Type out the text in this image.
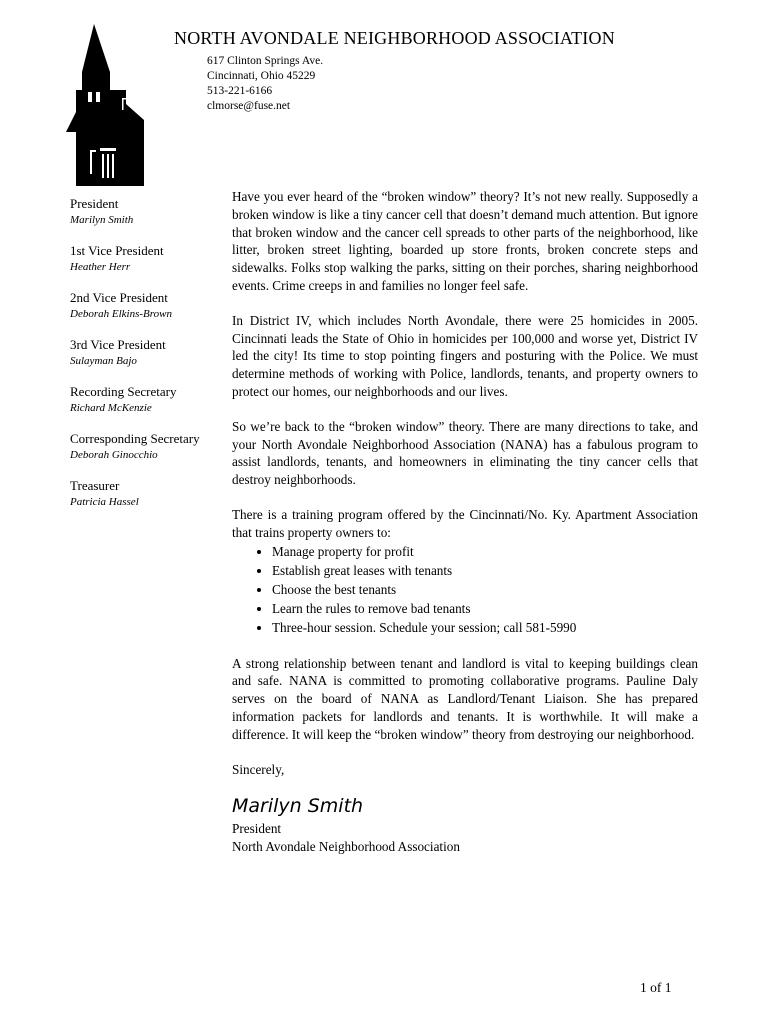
NORTH AVONDALE NEIGHBORHOOD ASSOCIATION
617 Clinton Springs Ave.
Cincinnati, Ohio 45229
513-221-6166
clmorse@fuse.net
President
Marilyn Smith
1st Vice President
Heather Herr
2nd Vice President
Deborah Elkins-Brown
3rd Vice President
Sulayman Bajo
Recording Secretary
Richard McKenzie
Corresponding Secretary
Deborah Ginocchio
Treasurer
Patricia Hassel

Have you ever heard of the “broken window” theory? It’s not new really. Supposedly a broken window is like a tiny cancer cell that doesn’t demand much attention. But ignore that broken window and the cancer cell spreads to other parts of the neighborhood, like litter, broken street lighting, boarded up store fronts, broken concrete steps and sidewalks. Folks stop walking the parks, sitting on their porches, sharing neighborhood events. Crime creeps in and families no longer feel safe.

In District IV, which includes North Avondale, there were 25 homicides in 2005. Cincinnati leads the State of Ohio in homicides per 100,000 and worse yet, District IV led the city! Its time to stop pointing fingers and posturing with the Police. We must determine methods of working with Police, landlords, tenants, and property owners to protect our homes, our neighborhoods and our lives.

So we’re back to the “broken window” theory. There are many directions to take, and your North Avondale Neighborhood Association (NANA) has a fabulous program to assist landlords, tenants, and homeowners in eliminating the tiny cancer cells that destroy neighborhoods.

There is a training program offered by the Cincinnati/No. Ky. Apartment Association that trains property owners to:

• Manage property for profit
• Establish great leases with tenants
• Choose the best tenants
• Learn the rules to remove bad tenants
• Three-hour session. Schedule your session; call 581-5990

A strong relationship between tenant and landlord is vital to keeping buildings clean and safe. NANA is committed to promoting collaborative programs. Pauline Daly serves on the board of NANA as Landlord/Tenant Liaison. She has prepared information packets for landlords and tenants. It is worthwhile. It will make a difference. It will keep the “broken window” theory from destroying our neighborhood.

Sincerely,
Marilyn Smith
President
North Avondale Neighborhood Association
1 of 1
